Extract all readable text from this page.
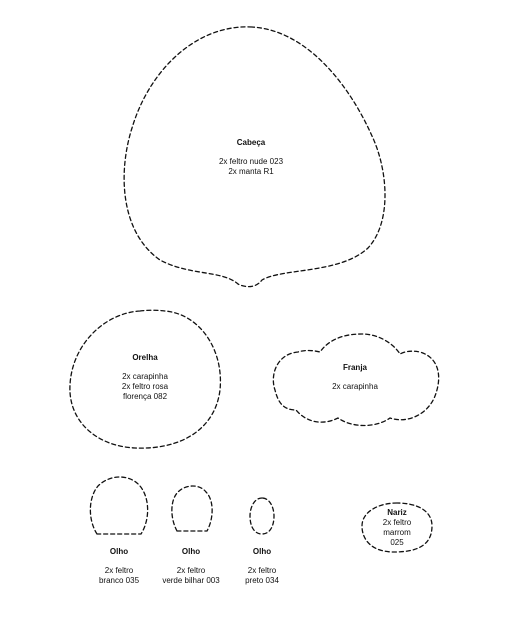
Cabeça
2x feltro nude 023
2x manta R1
Orelha
2x carapinha
2x feltro rosa
florença 082
Franja
2x carapinha
Olho
2x feltro
branco 035
Olho
2x feltro
verde bilhar 003
Olho
2x feltro
preto 034
Nariz
2x feltro
marrom
025
